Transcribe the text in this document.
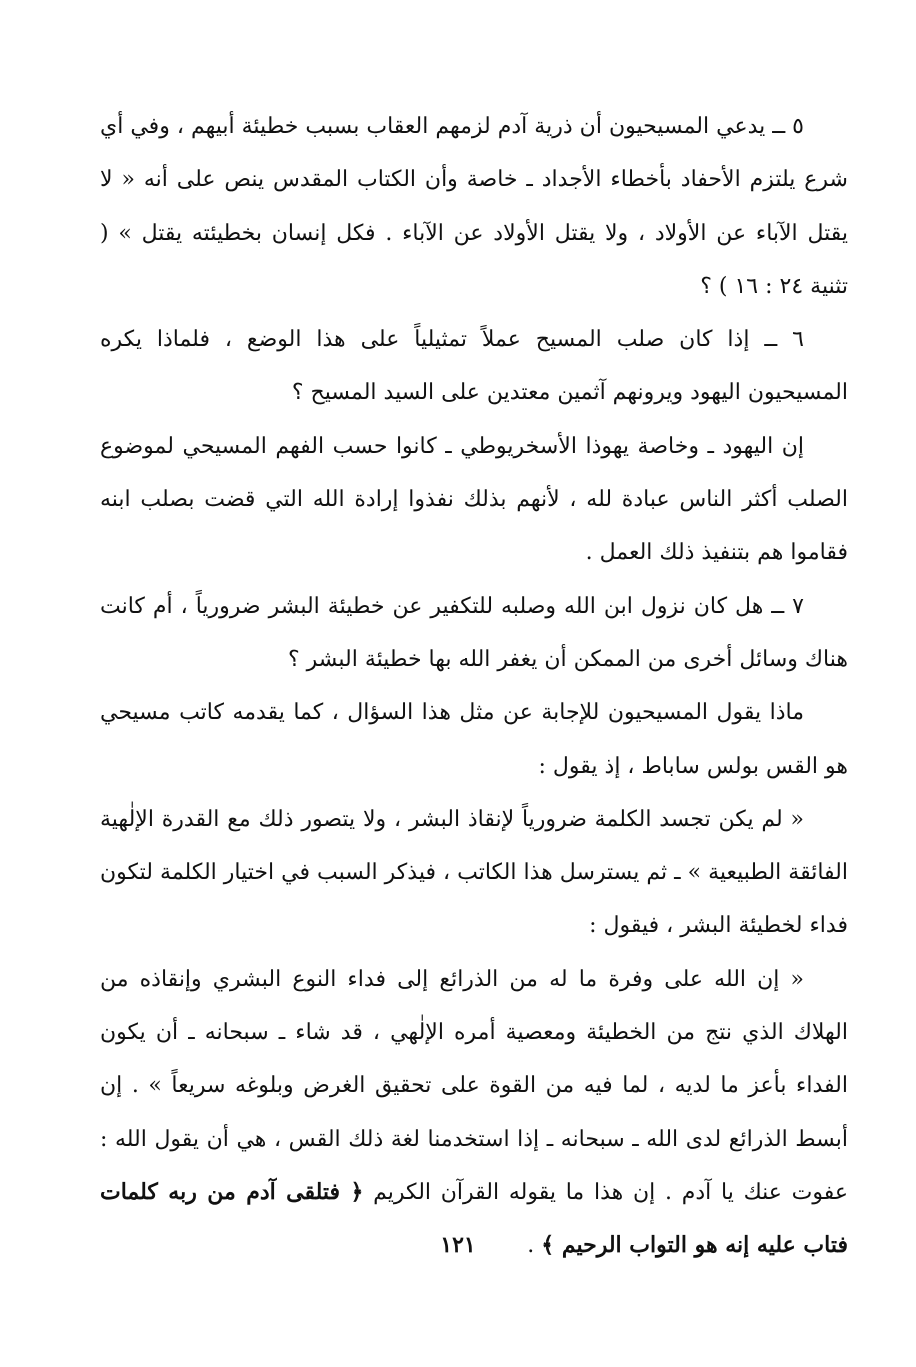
٥ ــ يدعي المسيحيون أن ذرية آدم لزمهم العقاب بسبب خطيئة أبيهم ، وفي أي شرع يلتزم الأحفاد بأخطاء الأجداد ـ خاصة وأن الكتاب المقدس ينص على أنه « لا يقتل الآباء عن الأولاد ، ولا يقتل الأولاد عن الآباء . فكل إنسان بخطيئته يقتل » ( تثنية ٢٤ : ١٦ ) ؟

٦ ــ إذا كان صلب المسيح عملاً تمثيلياً على هذا الوضع ، فلماذا يكره المسيحيون اليهود ويرونهم آثمين معتدين على السيد المسيح ؟

إن اليهود ـ وخاصة يهوذا الأسخريوطي ـ كانوا حسب الفهم المسيحي لموضوع الصلب أكثر الناس عبادة لله ، لأنهم بذلك نفذوا إرادة الله التي قضت بصلب ابنه فقاموا هم بتنفيذ ذلك العمل .

٧ ــ هل كان نزول ابن الله وصلبه للتكفير عن خطيئة البشر ضرورياً ، أم كانت هناك وسائل أخرى من الممكن أن يغفر الله بها خطيئة البشر ؟

ماذا يقول المسيحيون للإجابة عن مثل هذا السؤال ، كما يقدمه كاتب مسيحي هو القس بولس ساباط ، إذ يقول :

« لم يكن تجسد الكلمة ضرورياً لإنقاذ البشر ، ولا يتصور ذلك مع القدرة الإلٰهية الفائقة الطبيعية » ـ ثم يسترسل هذا الكاتب ، فيذكر السبب في اختيار الكلمة لتكون فداء لخطيئة البشر ، فيقول :

« إن الله على وفرة ما له من الذرائع إلى فداء النوع البشري وإنقاذه من الهلاك الذي نتج من الخطيئة ومعصية أمره الإلٰهي ، قد شاء ـ سبحانه ـ أن يكون الفداء بأعز ما لديه ، لما فيه من القوة على تحقيق الغرض وبلوغه سريعاً » . إن أبسط الذرائع لدى الله ـ سبحانه ـ إذا استخدمنا لغة ذلك القس ، هي أن يقول الله : عفوت عنك يا آدم . إن هذا ما يقوله القرآن الكريم ﴿ فتلقى آدم من ربه كلمات فتاب عليه إنه هو التواب الرحيم ﴾ .

١٢١
